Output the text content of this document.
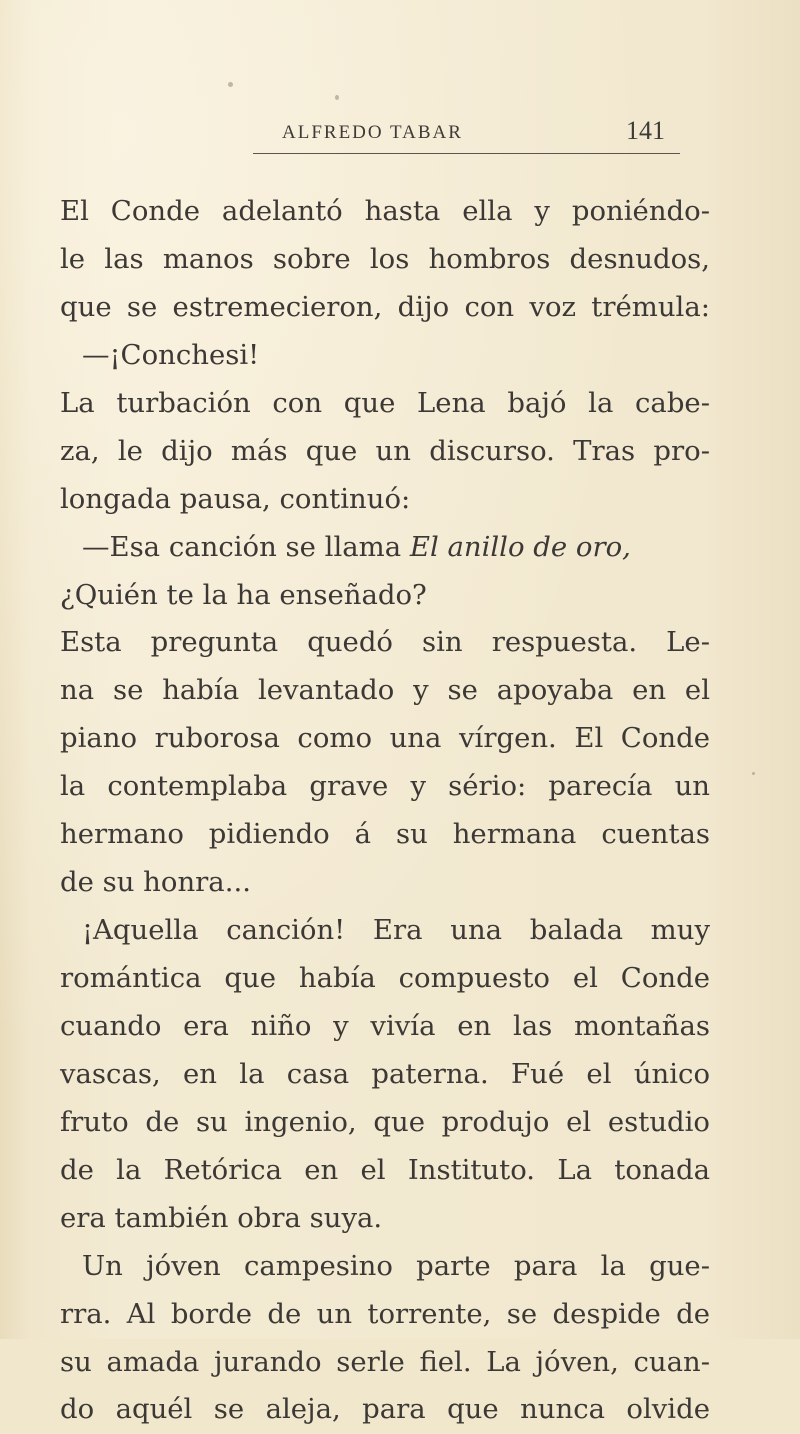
ALFREDO TABAR	141
El Conde adelantó hasta ella y poniéndo-
le las manos sobre los hombros desnudos,
que se estremecieron, dijo con voz trémula:
—¡Conchesi!
La turbación con que Lena bajó la cabe-
za, le dijo más que un discurso. Tras pro-
longada pausa, continuó:
—Esa canción se llama El anillo de oro,
¿Quién te la ha enseñado?
Esta pregunta quedó sin respuesta. Le-
na se había levantado y se apoyaba en el
piano ruborosa como una vírgen. El Conde
la contemplaba grave y sério: parecía un
hermano pidiendo á su hermana cuentas
de su honra...
¡Aquella canción! Era una balada muy
romántica que había compuesto el Conde
cuando era niño y vivía en las montañas
vascas, en la casa paterna. Fué el único
fruto de su ingenio, que produjo el estudio
de la Retórica en el Instituto. La tonada
era también obra suya.
Un jóven campesino parte para la gue-
rra. Al borde de un torrente, se despide de
su amada jurando serle fiel. La jóven, cuan-
do aquél se aleja, para que nunca olvide
